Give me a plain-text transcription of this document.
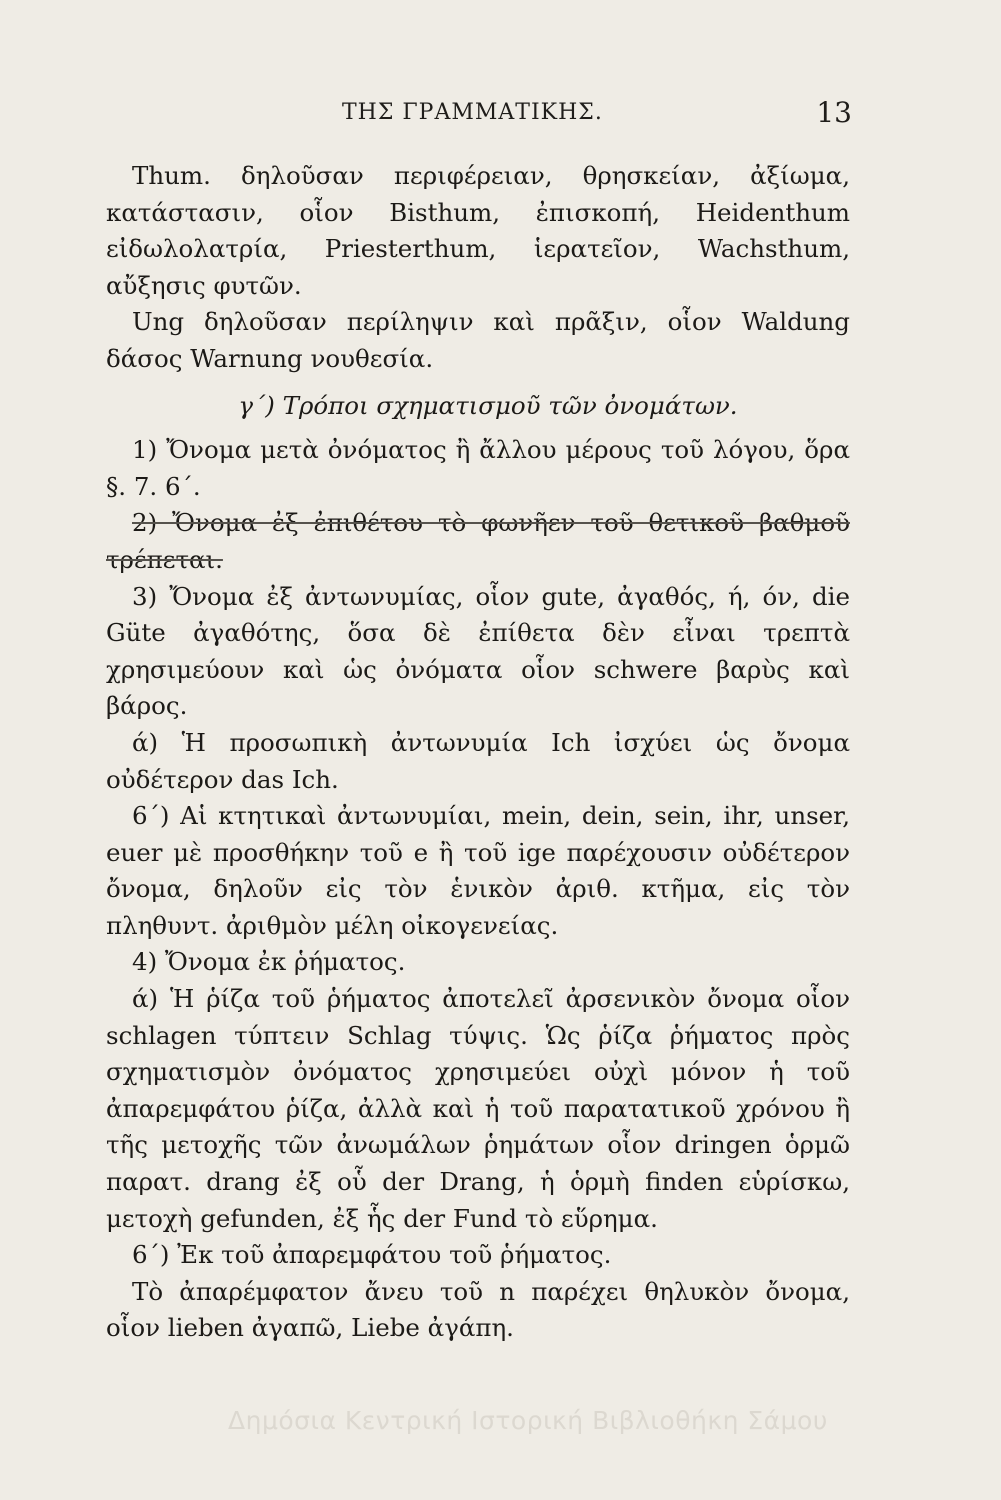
ΤΗΣ ΓΡΑΜΜΑΤΙΚΗΣ.	13

Thum. δηλοῦσαν περιφέρειαν, θρησκείαν, ἀξίωμα, κατάστασιν, οἷον Bisthum, ἐπισκοπή, Heidenthum εἰδωλολατρία, Priesterthum, ἱερατεῖον, Wachsthum, αὔξησις φυτῶν.

Ung δηλοῦσαν περίληψιν καὶ πρᾶξιν, οἷον Waldung δάσος Warnung νουθεσία.

γ΄) Τρόποι σχηματισμοῦ τῶν ὀνομάτων.

1) Ὄνομα μετὰ ὀνόματος ἢ ἄλλου μέρους τοῦ λόγου, ὅρα §. 7. 6΄.

2) Ὄνομα ἐξ ἐπιθέτου τὸ φωνῆεν τοῦ θετικοῦ βαθμοῦ τρέπεται.

3) Ὄνομα ἐξ ἀντωνυμίας, οἷον gute, ἀγαθός, ή, όν, die Güte ἀγαθότης, ὅσα δὲ ἐπίθετα δὲν εἶναι τρεπτὰ χρησιμεύουν καὶ ὡς ὀνόματα οἷον schwere βαρὺς καὶ βάρος.

ά) Ἡ προσωπικὴ ἀντωνυμία Ich ἰσχύει ὡς ὄνομα οὐδέτερον das Ich.

6΄) Αἱ κτητικαὶ ἀντωνυμίαι, mein, dein, sein, ihr, unser, euer μὲ προσθήκην τοῦ e ἢ τοῦ ige παρέχουσιν οὐδέτερον ὄνομα, δηλοῦν εἰς τὸν ἑνικὸν ἀριθ. κτῆμα, εἰς τὸν πληθυντ. ἀριθμὸν μέλη οἰκογενείας.

4) Ὄνομα ἐκ ῥήματος.

ά) Ἡ ῥίζα τοῦ ῥήματος ἀποτελεῖ ἀρσενικὸν ὄνομα οἷον schlagen τύπτειν Schlag τύψις. Ὡς ῥίζα ῥήματος πρὸς σχηματισμὸν ὀνόματος χρησιμεύει οὐχὶ μόνον ἡ τοῦ ἀπαρεμφάτου ῥίζα, ἀλλὰ καὶ ἡ τοῦ παρατατικοῦ χρόνου ἢ τῆς μετοχῆς τῶν ἀνωμάλων ῥημάτων οἷον dringen ὁρμῶ παρατ. drang ἐξ οὗ der Drang, ἡ ὁρμὴ finden εὑρίσκω, μετοχὴ gefunden, ἐξ ἧς der Fund τὸ εὕρημα.

6΄) Ἐκ τοῦ ἀπαρεμφάτου τοῦ ῥήματος.

Τὸ ἀπαρέμφατον ἄνευ τοῦ n παρέχει θηλυκὸν ὄνομα, οἷον lieben ἀγαπῶ, Liebe ἀγάπη.

Δημόσια Κεντρική Ιστορική Βιβλιοθήκη Σάμου
